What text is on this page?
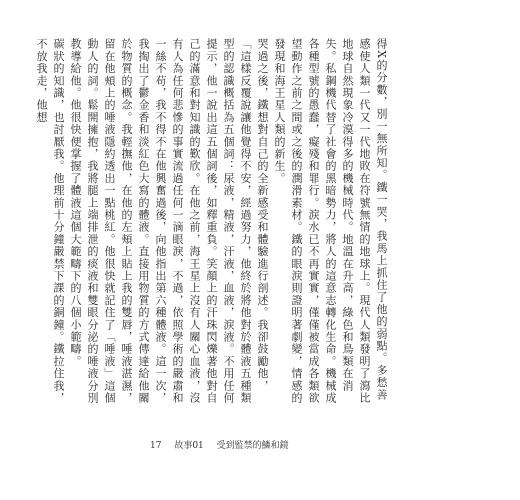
得X的分數，別一無所知。鐵一哭，我馬上抓住了他的弱點。多愁善感使人類一代又一代地敗在符號無情的地球上。現代人類發明了瀉比地球自然現象冷漠得多的機械時代。地溫在升高，綠色和鳥類在消失。私鋼機代替了社會的黑暗勢力，將人的這意志轉化生命。機械成各種型號的愚蠢，癡殘和罪行。淚水已不再實實，僅僅被當成各類欲望動作之前之間或之後的潤滑素材。鐵的眼淚則證明著劇變，情感的發現和海王星人類的新生。

哭過之後，鐵想對自己的全新感受和體驗進行剖述。我卻鼓勵他，「這樣反覆說讓他覺得不安，經過努力，他終於將他對於體液五種類型的認識概括為五個詞：尿液，精液，汗液，血液，淚液。不用任何提示，他一說出這五個詞後，如釋重負。笑顏上的汗珠閃爍著他對自己的滿意和對知識的歎欣。在他之前，海王星上沒有人關心血液，沒有人為任何悲慘的事實流過任何一滴眼淚，不過，依照學術的嚴肅和一絲不苟，我不得不在他興奮過後，向他指出第六種體液。這一次，我掏出了鬱金香和淡紅色大寫的體液。直接用物質的方式傳達給他關於物質的概念。我輕撫他，在他的左頰上貼上我的雙唇，唾液湛濕，留在他頰上的唾液隱約透出一點桃紅。他很快就記住了「唾液」這個動人的詞。鬆開擁抱，我將腿上端排泄的痰液和雙眼分泌的唾液分別教導給他。他很快便掌握了體液這個大範疇下的八個小範疇。

碳狀的知識，也討厭我。他理前十分鐘嚴禁下課的銅鐘。鐵拉住我，不放我走，他想

17 故事01 受到監禁的鱗和鏡
